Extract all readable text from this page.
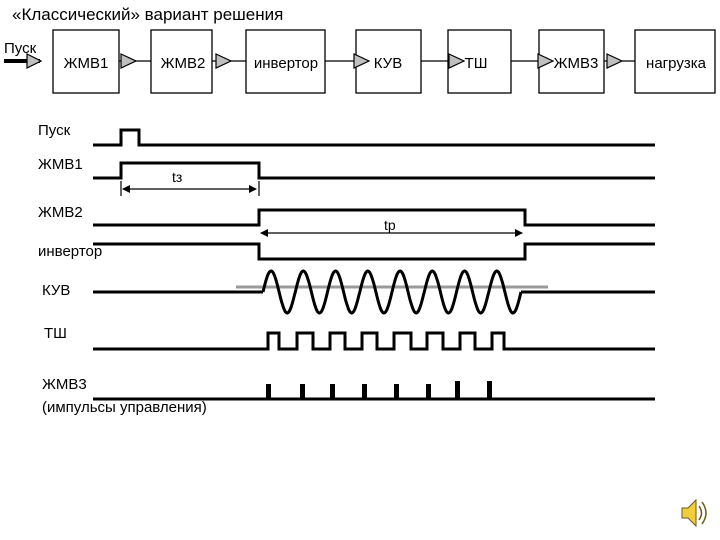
«Классический» вариант решения
Пуск
ЖМВ1	ЖМВ2	инвертор	КУВ	ТШ	ЖМВ3	нагрузка
Пуск
ЖМВ1
tз
ЖМВ2
tр
инвертор
КУВ
ТШ
ЖМВ3
(импульсы управления)
